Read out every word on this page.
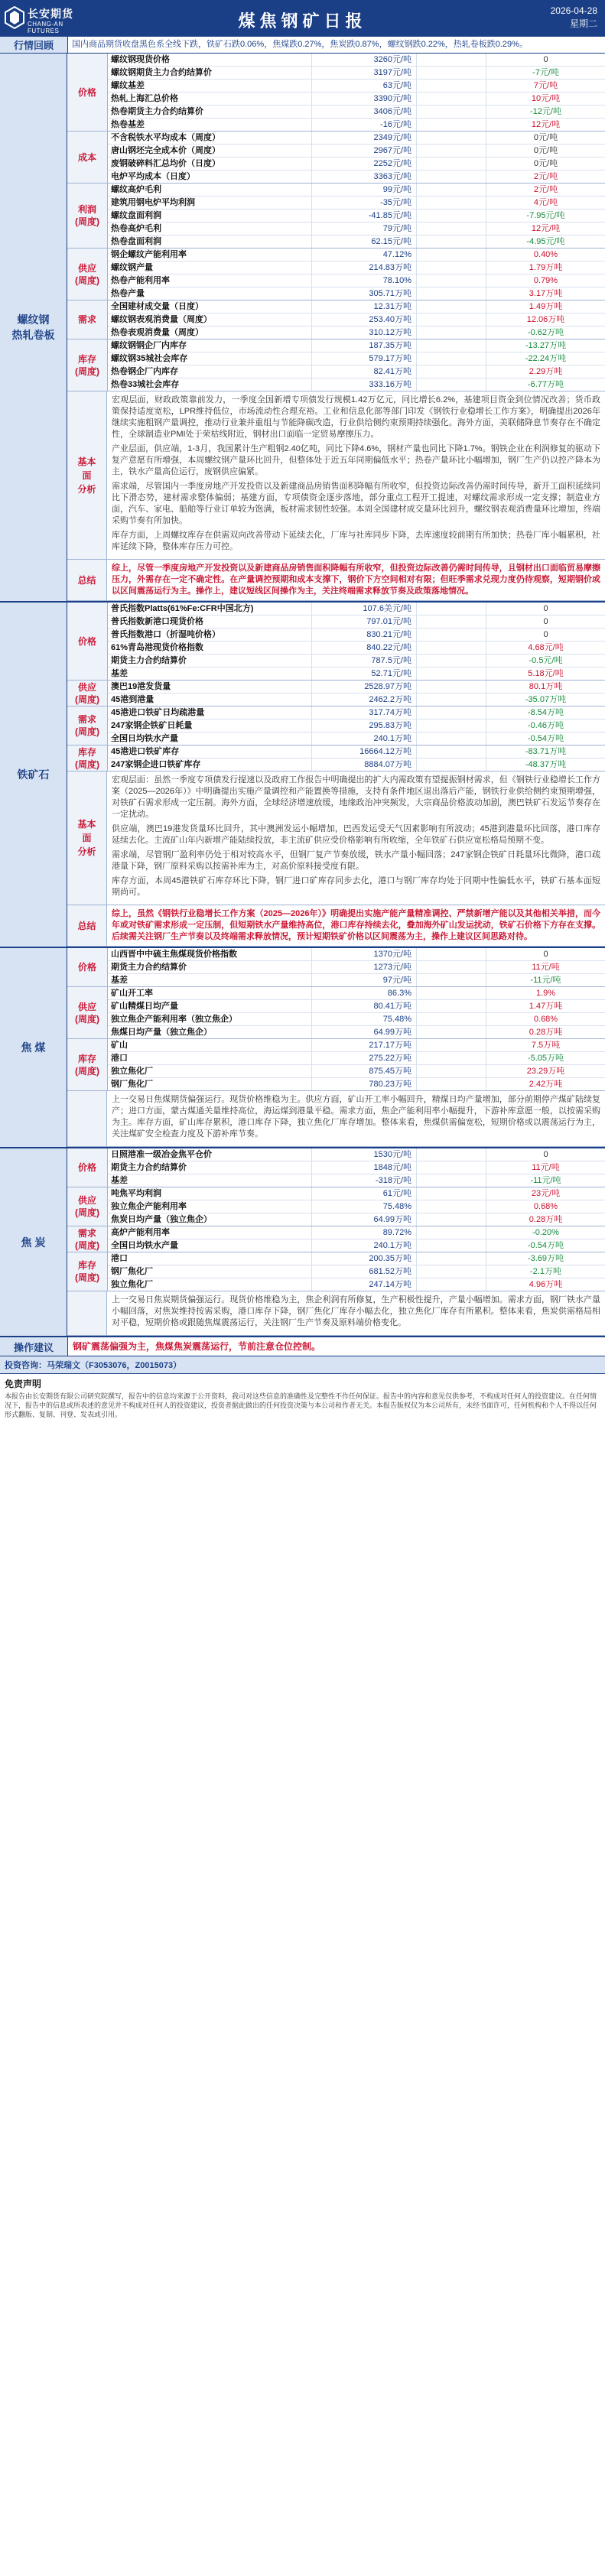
长安期货
CHANG-AN FUTURES
煤焦钢矿日报
2026-04-28
星期二
行情回顾	国内商品期货收盘黑色系全线下跌，铁矿石跌0.06%，焦煤跌0.27%，焦炭跌0.87%，螺纹钢跌0.22%，热轧卷板跌0.29%。
螺纹钢
热轧卷板
价格
螺纹钢现货价格	3260元/吨	0
螺纹钢期货主力合约结算价	3197元/吨	-7元/吨
螺纹基差	63元/吨	7元/吨
热轧上海汇总价格	3390元/吨	10元/吨
热卷期货主力合约结算价	3406元/吨	-12元/吨
热卷基差	-16元/吨	12元/吨
成本
不含税铁水平均成本（周度）	2349元/吨	0元/吨
唐山钢坯完全成本价（周度）	2967元/吨	0元/吨
废钢破碎料汇总均价（日度）	2252元/吨	0元/吨
电炉平均成本（日度）	3363元/吨	2元/吨
利润
(周度)
螺纹高炉毛利	99元/吨	2元/吨
建筑用钢电炉平均利润	-35元/吨	4元/吨
螺纹盘面利润	-41.85元/吨	-7.95元/吨
热卷高炉毛利	79元/吨	12元/吨
热卷盘面利润	62.15元/吨	-4.95元/吨
供应
(周度)
钢企螺纹产能利用率	47.12%	0.40%
螺纹钢产量	214.83万吨	1.79万吨
热卷产能利用率	78.10%	0.79%
热卷产量	305.71万吨	3.17万吨
需求
全国建材成交量（日度）	12.31万吨	1.49万吨
螺纹钢表观消费量（周度）	253.40万吨	12.06万吨
热卷表观消费量（周度）	310.12万吨	-0.62万吨
库存
(周度)
螺纹钢钢企厂内库存	187.35万吨	-13.27万吨
螺纹钢35城社会库存	579.17万吨	-22.24万吨
热卷钢企厂内库存	82.41万吨	2.29万吨
热卷33城社会库存	333.16万吨	-6.77万吨
基本面
分析

宏观层面，财政政策靠前发力，一季度全国新增专项债发行规模1.42万亿元，同比增长6.2%，基建项目资金到位情况改善；货币政策保持适度宽松，LPR维持低位，市场流动性合理充裕。工业和信息化部等部门印发《钢铁行业稳增长工作方案》，明确提出2026年继续实施粗钢产量调控，推动行业兼并重组与节能降碳改造，行业供给侧约束预期持续强化。海外方面，美联储降息节奏存在不确定性，全球制造业PMI处于荣枯线附近，钢材出口面临一定贸易摩擦压力。

产业层面，供应端，1-3月，我国累计生产粗钢2.40亿吨，同比下降4.6%，钢材产量也同比下降1.7%。钢铁企业在利润修复的驱动下复产意愿有所增强，本周螺纹钢产量环比回升，但整体处于近五年同期偏低水平；热卷产量环比小幅增加，钢厂生产仍以控产降本为主，铁水产量高位运行，废钢供应偏紧。

需求端，尽管国内一季度房地产开发投资以及新建商品房销售面积降幅有所收窄，但投资边际改善仍需时间传导，新开工面积延续同比下滑态势，建材需求整体偏弱；基建方面，专项债资金逐步落地，部分重点工程开工提速，对螺纹需求形成一定支撑；制造业方面，汽车、家电、船舶等行业订单较为饱满，板材需求韧性较强。本周全国建材成交量环比回升，螺纹钢表观消费量环比增加，终端采购节奏有所加快。

库存方面，上周螺纹库存在供需双向改善带动下延续去化，厂库与社库同步下降，去库速度较前期有所加快；热卷厂库小幅累积，社库延续下降，整体库存压力可控。

总结
综上，尽管一季度房地产开发投资以及新建商品房销售面积降幅有所收窄，但投资边际改善仍需时间传导，且钢材出口面临贸易摩擦压力，外需存在一定不确定性。在产量调控预期和成本支撑下，钢价下方空间相对有限；但旺季需求兑现力度仍待观察，短期钢价或以区间震荡运行为主。操作上，建议短线区间操作为主，关注终端需求释放节奏及政策落地情况。
铁矿石
价格
普氏指数Platts(61%Fe:CFR中国北方)	107.6美元/吨	0
普氏指数新港口现货价格	797.01元/吨	0
普氏指数港口（折湿吨价格）	830.21元/吨	0
61%青岛港现货价格指数	840.22元/吨	4.68元/吨
期货主力合约结算价	787.5元/吨	-0.5元/吨
基差	52.71元/吨	5.18元/吨
供应
(周度)
澳巴19港发货量	2528.97万吨	80.1万吨
45港到港量	2462.2万吨	-35.07万吨
需求
(周度)
45港进口铁矿日均疏港量	317.74万吨	-8.54万吨
247家钢企铁矿日耗量	295.83万吨	-0.46万吨
全国日均铁水产量	240.1万吨	-0.54万吨
库存
(周度)
45港进口铁矿库存	16664.12万吨	-83.71万吨
247家钢企进口铁矿库存	8884.07万吨	-48.37万吨
基本面
分析

宏观层面：虽然一季度专项债发行提速以及政府工作报告中明确提出的扩大内需政策有望提振钢材需求，但《钢铁行业稳增长工作方案（2025—2026年）》中明确提出实施产量调控和产能置换等措施，支持有条件地区退出落后产能，钢铁行业供给侧约束预期增强，对铁矿石需求形成一定压制。海外方面，全球经济增速放缓，地缘政治冲突频发，大宗商品价格波动加剧，澳巴铁矿石发运节奏存在一定扰动。

供应端，澳巴19港发货量环比回升，其中澳洲发运小幅增加，巴西发运受天气因素影响有所波动；45港到港量环比回落，港口库存延续去化。主流矿山年内新增产能陆续投放，非主流矿供应受价格影响有所收缩，全年铁矿石供应宽松格局预期不变。

需求端，尽管钢厂盈利率仍处于相对较高水平，但钢厂复产节奏放缓，铁水产量小幅回落；247家钢企铁矿日耗量环比微降，港口疏港量下降，钢厂原料采购以按需补库为主，对高价原料接受度有限。

库存方面，本周45港铁矿石库存环比下降，钢厂进口矿库存同步去化，港口与钢厂库存均处于同期中性偏低水平，铁矿石基本面短期尚可。

总结
综上，虽然《钢铁行业稳增长工作方案（2025—2026年）》明确提出实施产能产量精准调控、严禁新增产能以及其他相关举措，而今年或对铁矿需求形成一定压制，但短期铁水产量维持高位，港口库存持续去化，叠加海外矿山发运扰动，铁矿石价格下方存在支撑。后续需关注钢厂生产节奏以及终端需求释放情况，预计短期铁矿价格以区间震荡为主，操作上建议区间思路对待。
焦 煤
价格
山西晋中中硫主焦煤现货价格指数	1370元/吨	0
期货主力合约结算价	1273元/吨	11元/吨
基差	97元/吨	-11元/吨
供应
(周度)
矿山开工率	86.3%	1.9%
矿山精煤日均产量	80.41万吨	1.47万吨
独立焦企产能利用率（独立焦企）	75.48%	0.68%
焦煤日均产量（独立焦企）	64.99万吨	0.28万吨
库存
(周度)
矿山	217.17万吨	7.5万吨
港口	275.22万吨	-5.05万吨
独立焦化厂	875.45万吨	23.29万吨
钢厂焦化厂	780.23万吨	2.42万吨

上一交易日焦煤期货偏强运行。现货价格维稳为主。供应方面，矿山开工率小幅回升，精煤日均产量增加，部分前期停产煤矿陆续复产；进口方面，蒙古煤通关量维持高位，海运煤到港量平稳。需求方面，焦企产能利用率小幅提升，下游补库意愿一般，以按需采购为主。库存方面，矿山库存累积，港口库存下降，独立焦化厂库存增加。整体来看，焦煤供需偏宽松，短期价格或以震荡运行为主，关注煤矿安全检查力度及下游补库节奏。

焦 炭
价格
日照港准一级冶金焦平仓价	1530元/吨	0
期货主力合约结算价	1848元/吨	11元/吨
基差	-318元/吨	-11元/吨
供应
(周度)
吨焦平均利润	61元/吨	23元/吨
独立焦企产能利用率	75.48%	0.68%
焦炭日均产量（独立焦企）	64.99万吨	0.28万吨
需求
(周度)
高炉产能利用率	89.72%	-0.20%
全国日均铁水产量	240.1万吨	-0.54万吨
库存
(周度)
港口	200.35万吨	-3.69万吨
钢厂焦化厂	681.52万吨	-2.1万吨
独立焦化厂	247.14万吨	4.96万吨

上一交易日焦炭期货偏强运行。现货价格维稳为主，焦企利润有所修复，生产积极性提升，产量小幅增加。需求方面，钢厂铁水产量小幅回落，对焦炭维持按需采购，港口库存下降，钢厂焦化厂库存小幅去化，独立焦化厂库存有所累积。整体来看，焦炭供需格局相对平稳，短期价格或跟随焦煤震荡运行，关注钢厂生产节奏及原料端价格变化。

操作建议	钢矿震荡偏强为主，焦煤焦炭震荡运行，节前注意仓位控制。
投资咨询：马荣瑞文（F3053076，Z0015073）
免责声明
本报告由长安期货有限公司研究院撰写，报告中的信息均来源于公开资料，我司对这些信息的准确性及完整性不作任何保证。报告中的内容和意见仅供参考，不构成对任何人的投资建议。在任何情况下，报告中的信息或所表述的意见并不构成对任何人的投资建议，投资者据此做出的任何投资决策与本公司和作者无关。本报告版权仅为本公司所有，未经书面许可，任何机构和个人不得以任何形式翻版、复制、刊登、发表或引用。
